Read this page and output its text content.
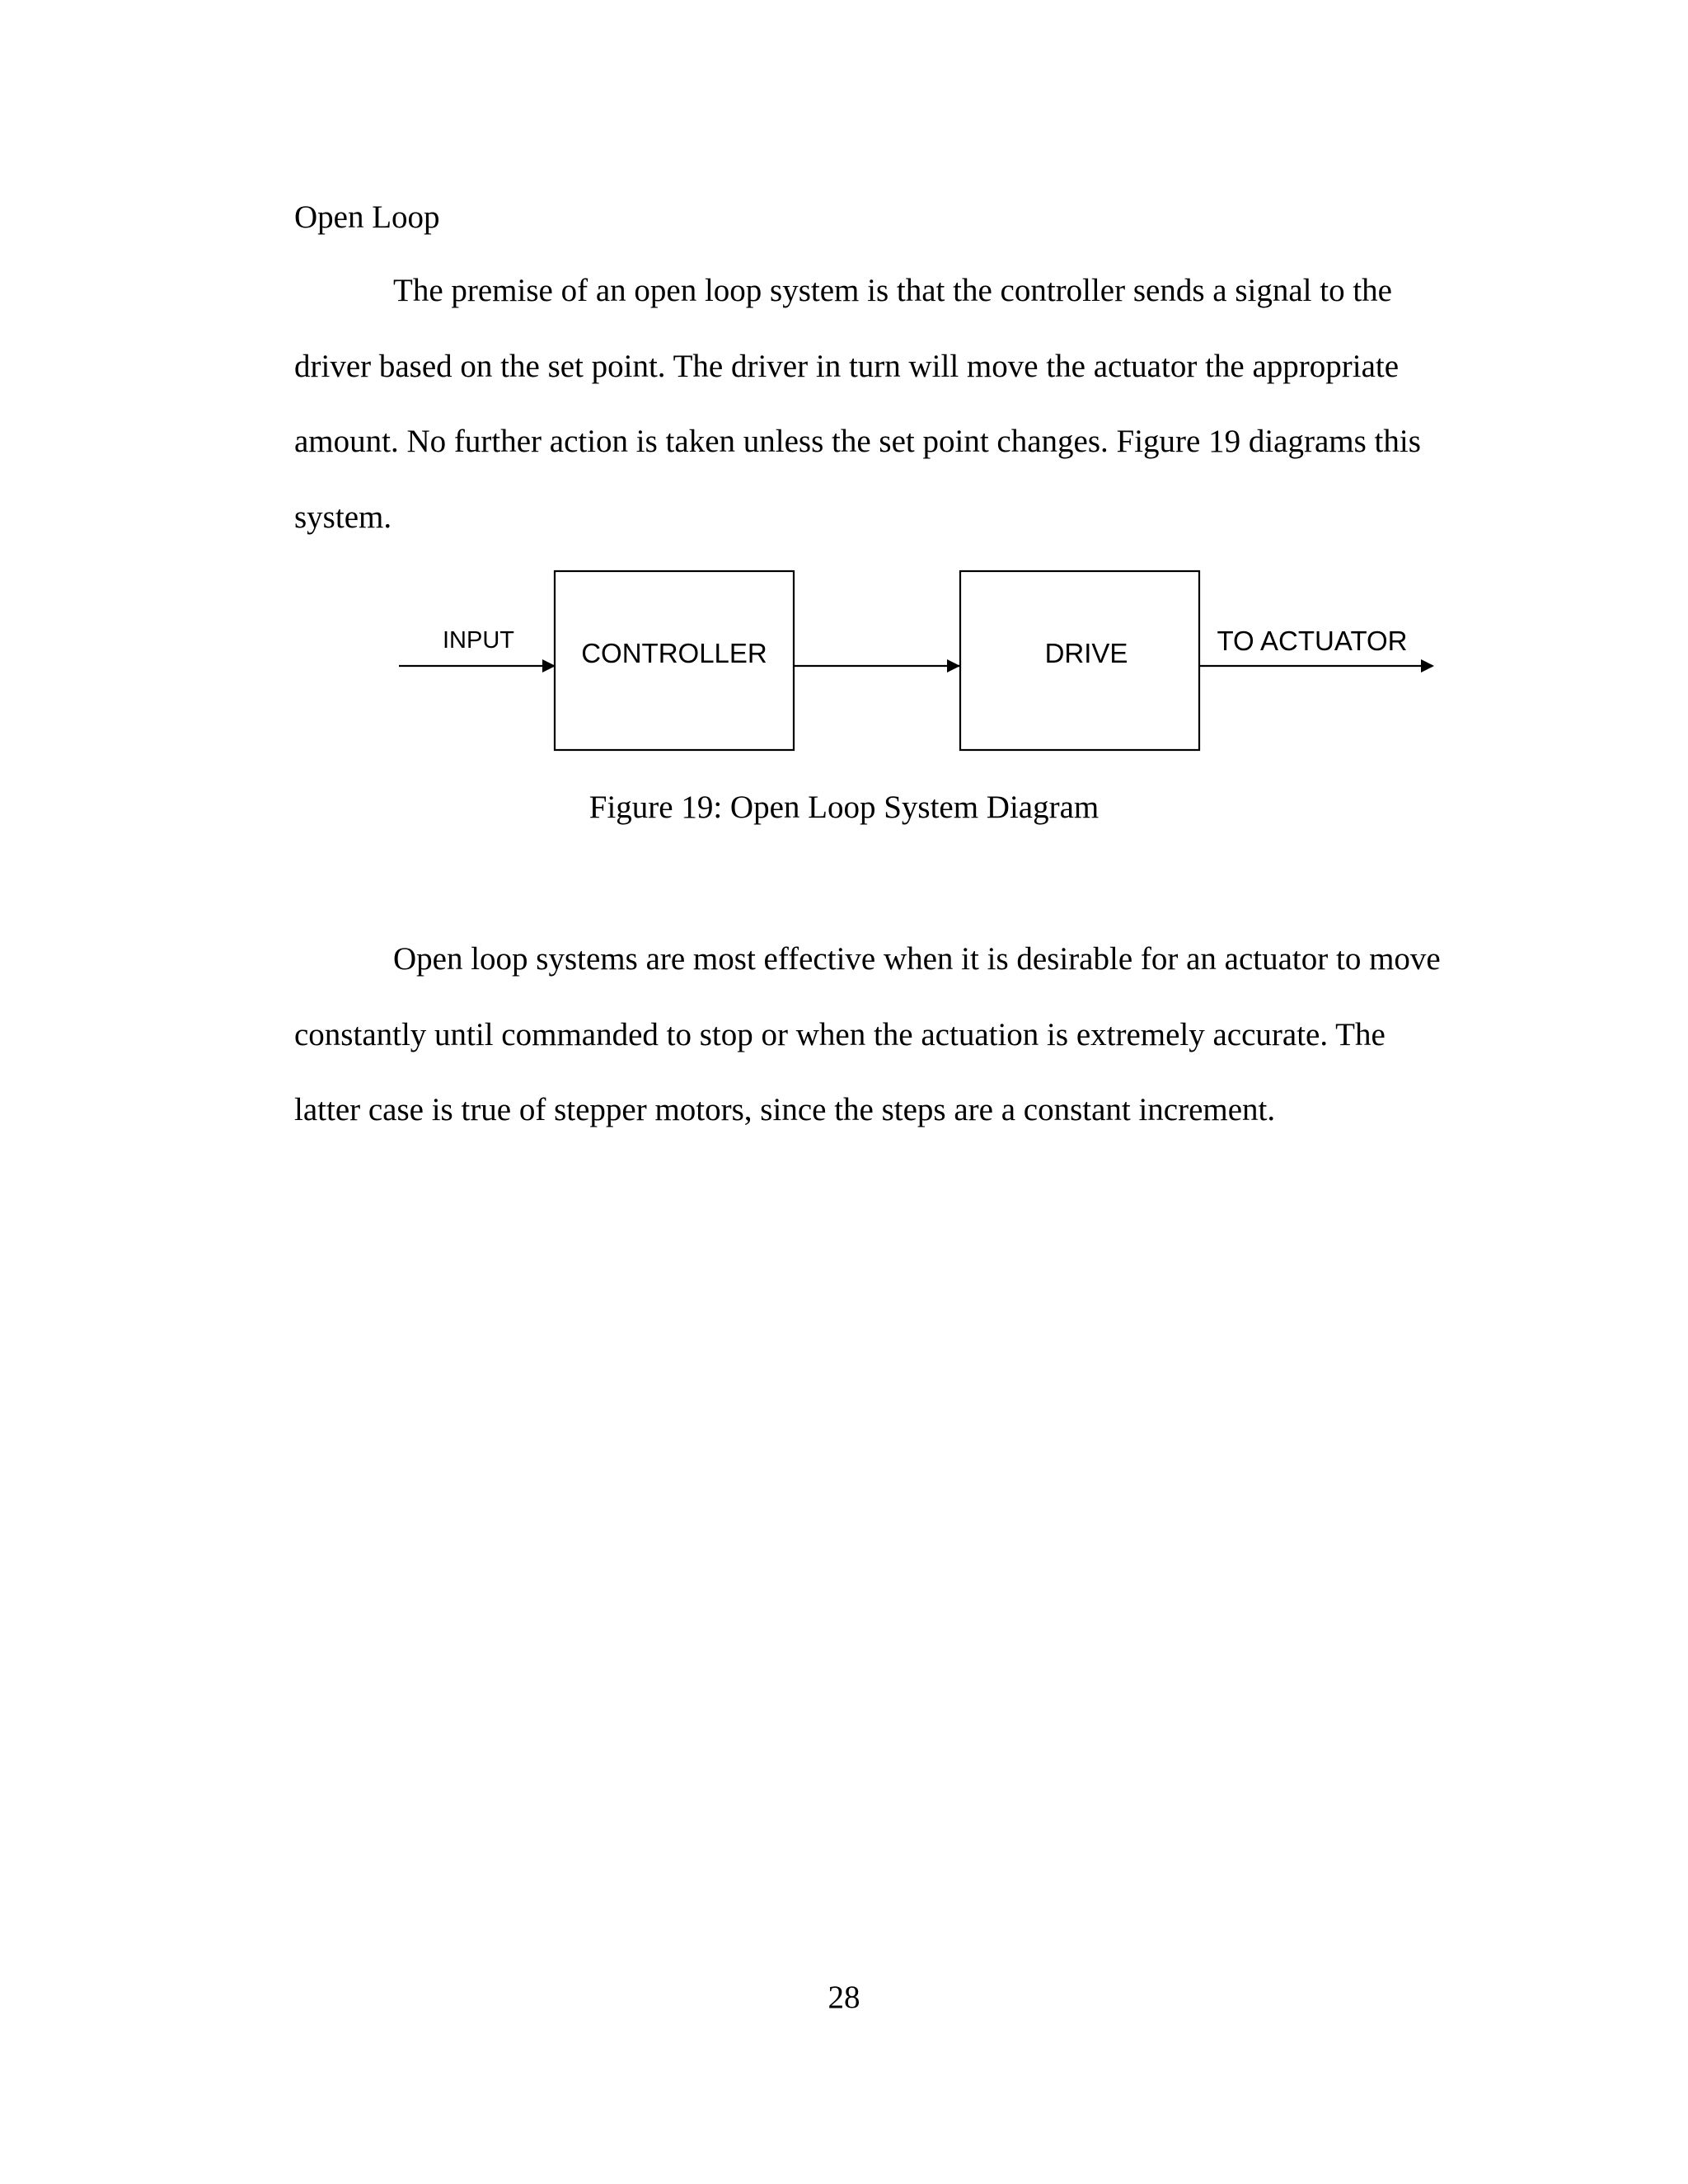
Open Loop

The premise of an open loop system is that the controller sends a signal to the
driver based on the set point. The driver in turn will move the actuator the appropriate
amount. No further action is taken unless the set point changes. Figure 19 diagrams this
system.

INPUT CONTROLLER	DRIVE	TO ACTUATOR

Figure 19: Open Loop System Diagram

Open loop systems are most effective when it is desirable for an actuator to move
constantly until commanded to stop or when the actuation is extremely accurate. The
latter case is true of stepper motors, since the steps are a constant increment.

28
